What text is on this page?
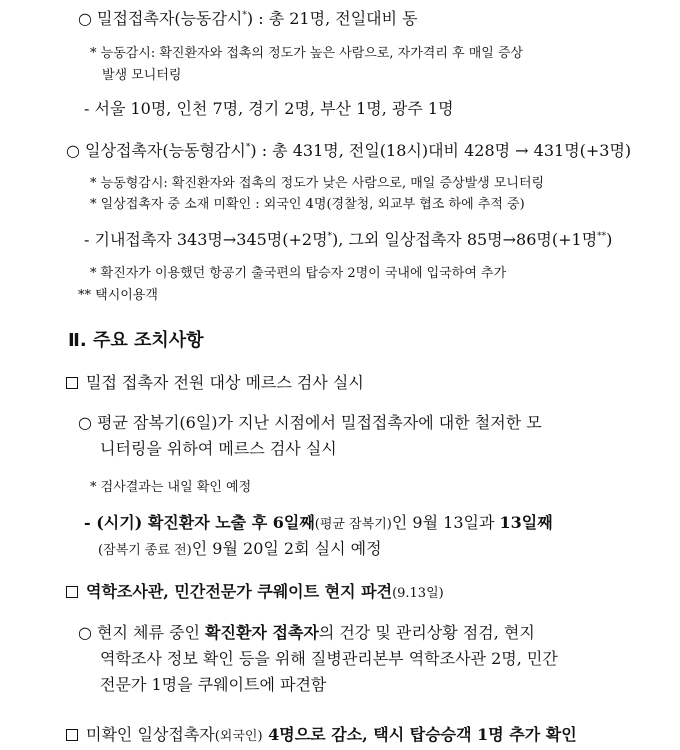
○ 밀접접촉자(능동감시*) : 총 21명, 전일대비 동
* 능동감시: 확진환자와 접촉의 정도가 높은 사람으로, 자가격리 후 매일 증상
발생 모니터링
- 서울 10명, 인천 7명, 경기 2명, 부산 1명, 광주 1명
○ 일상접촉자(능동형감시*) : 총 431명, 전일(18시)대비 428명 → 431명(+3명)
* 능동형감시: 확진환자와 접촉의 정도가 낮은 사람으로, 매일 증상발생 모니터링
* 일상접촉자 중 소재 미확인 : 외국인 4명(경찰청, 외교부 협조 하에 추적 중)
- 기내접촉자 343명→345명(+2명*), 그외 일상접촉자 85명→86명(+1명**)
* 확진자가 이용했던 항공기 출국편의 탑승자 2명이 국내에 입국하여 추가
** 택시이용객
Ⅱ. 주요 조치사항
밀접 접촉자 전원 대상 메르스 검사 실시
○ 평균 잠복기(6일)가 지난 시점에서 밀접접촉자에 대한 철저한 모
니터링을 위하여 메르스 검사 실시
* 검사결과는 내일 확인 예정
- (시기) 확진환자 노출 후 6일째(평균 잠복기)인 9월 13일과 13일째
(잠복기 종료 전)인 9월 20일 2회 실시 예정
역학조사관, 민간전문가 쿠웨이트 현지 파견(9.13일)
○ 현지 체류 중인 확진환자 접촉자의 건강 및 관리상황 점검, 현지
역학조사 정보 확인 등을 위해 질병관리본부 역학조사관 2명, 민간
전문가 1명을 쿠웨이트에 파견함
미확인 일상접촉자(외국인) 4명으로 감소, 택시 탑승승객 1명 추가 확인
